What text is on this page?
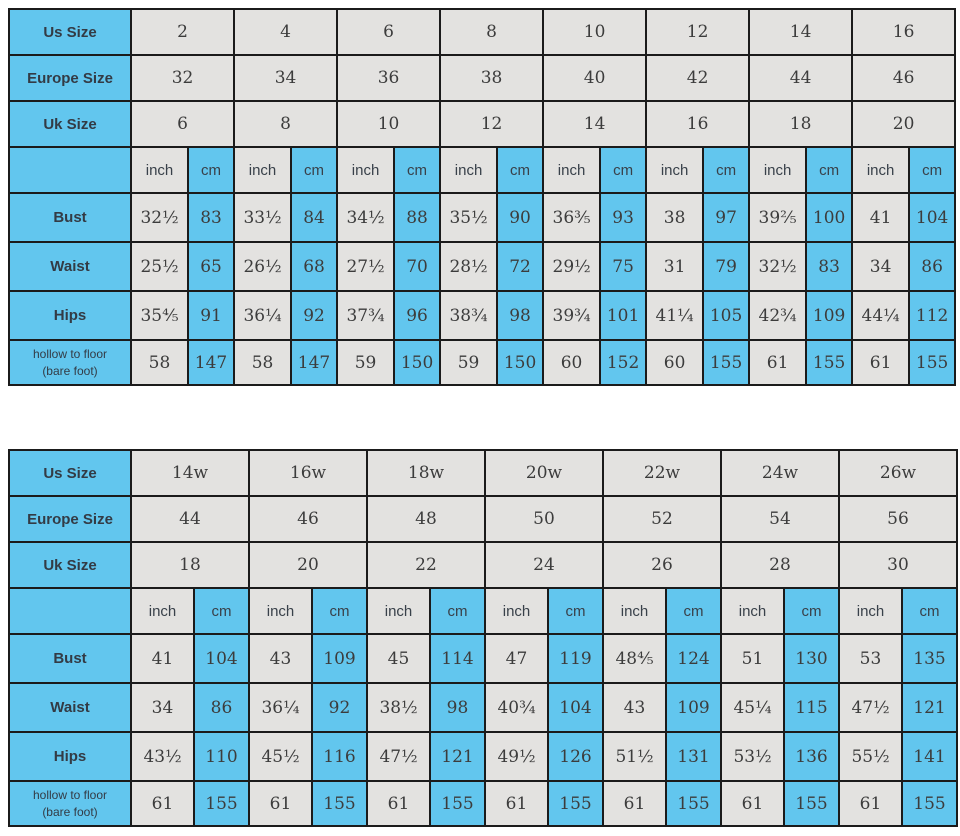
Us Size	2		4		6		8		10		12		14		16	
Europe Size	32		34		36		38		40		42		44		46	
Uk Size	6		8		10		12		14		16		18		20	
	inch	cm	inch	cm	inch	cm	inch	cm	inch	cm	inch	cm	inch	cm	inch	cm
Bust	32½	83	33½	84	34½	88	35½	90	36⅗	93	38	97	39⅖	100	41	104
Waist	25½	65	26½	68	27½	70	28½	72	29½	75	31	79	32½	83	34	86
Hips	35⅘	91	36¼	92	37¾	96	38¾	98	39¾	101	41¼	105	42¾	109	44¼	112
hollow to floor
(bare foot)	58	147	58	147	59	150	59	150	60	152	60	155	61	155	61	155
Us Size	14w		16w		18w		20w		22w		24w		26w	
Europe Size	44		46		48		50		52		54		56	
Uk Size	18		20		22		24		26		28		30	
	inch	cm	inch	cm	inch	cm	inch	cm	inch	cm	inch	cm	inch	cm
Bust	41	104	43	109	45	114	47	119	48⅘	124	51	130	53	135
Waist	34	86	36¼	92	38½	98	40¾	104	43	109	45¼	115	47½	121
Hips	43½	110	45½	116	47½	121	49½	126	51½	131	53½	136	55½	141
hollow to floor
(bare foot)	61	155	61	155	61	155	61	155	61	155	61	155	61	155
